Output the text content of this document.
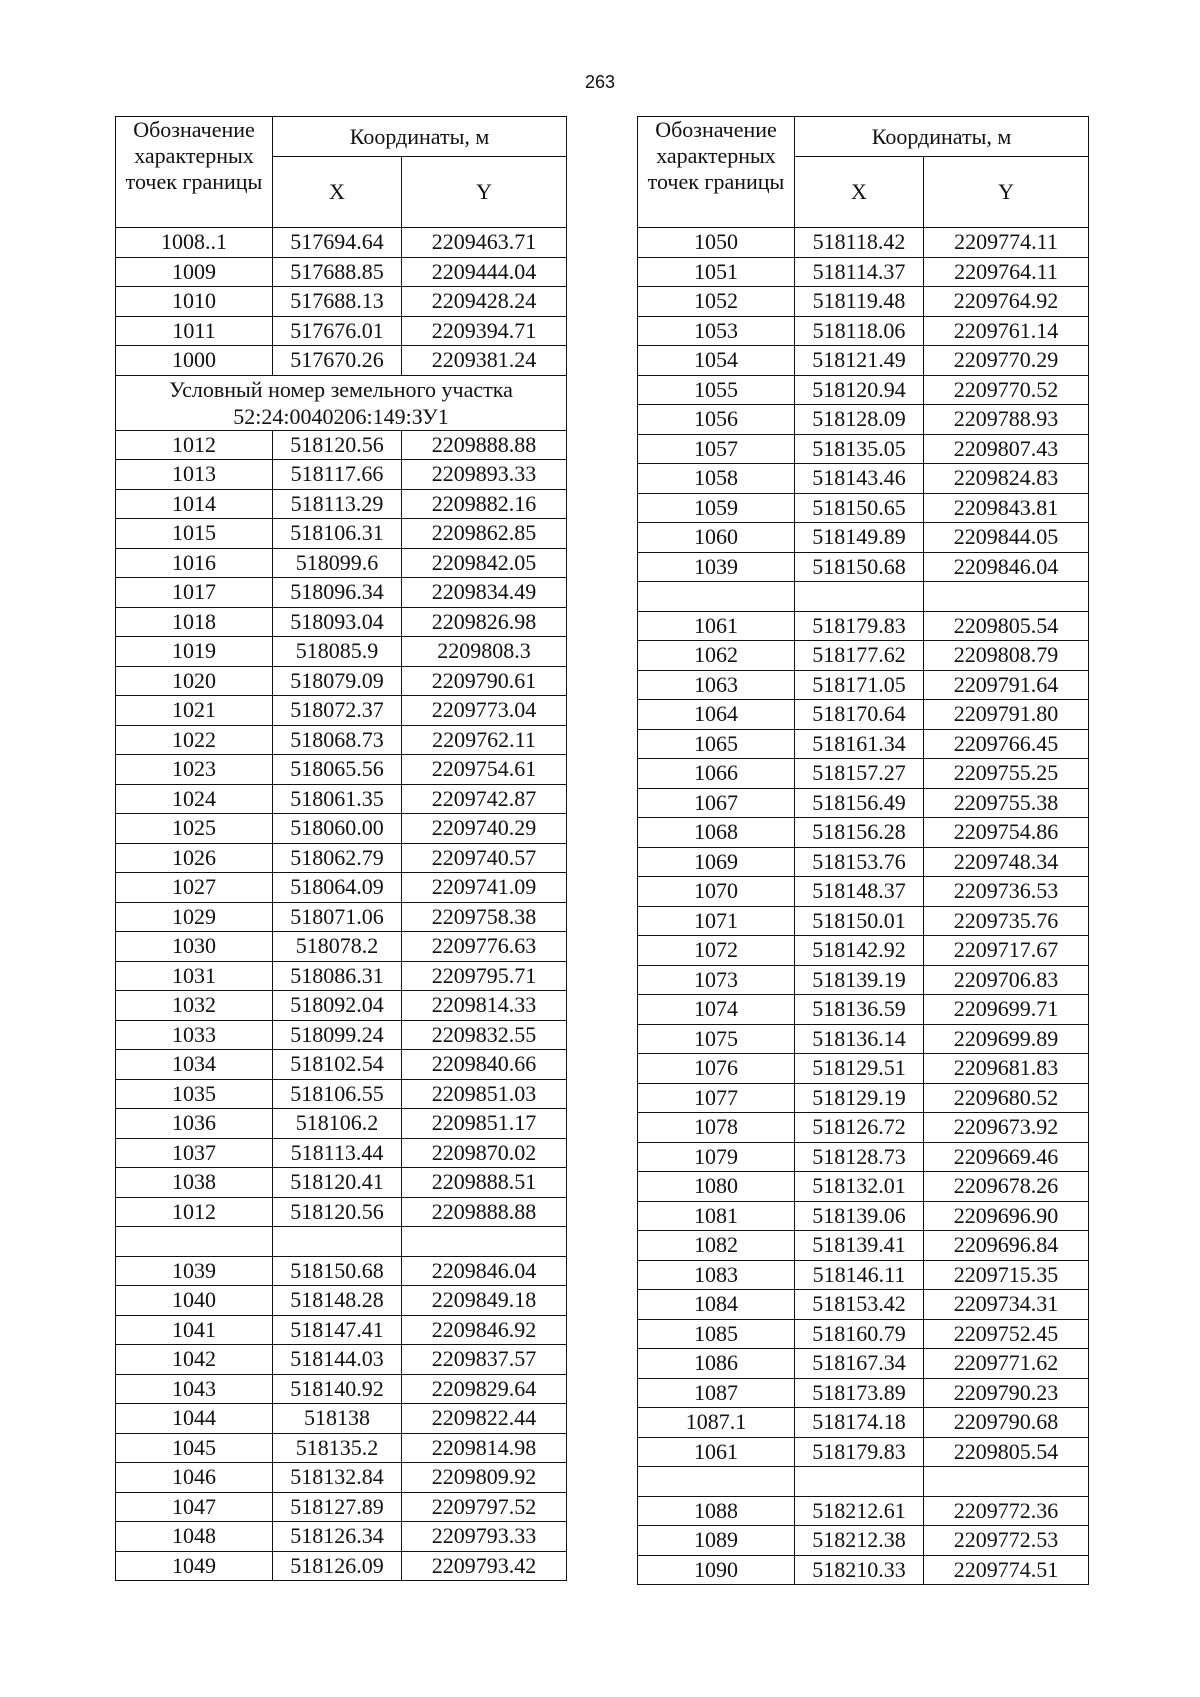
263
Обозначение характерных точек границы	Координаты, м	
	X	Y
1008..1	517694.64	2209463.71
1009	517688.85	2209444.04
1010	517688.13	2209428.24
1011	517676.01	2209394.71
1000	517670.26	2209381.24
Условный номер земельного участка 52:24:0040206:149:ЗУ1		
1012	518120.56	2209888.88
1013	518117.66	2209893.33
1014	518113.29	2209882.16
1015	518106.31	2209862.85
1016	518099.6	2209842.05
1017	518096.34	2209834.49
1018	518093.04	2209826.98
1019	518085.9	2209808.3
1020	518079.09	2209790.61
1021	518072.37	2209773.04
1022	518068.73	2209762.11
1023	518065.56	2209754.61
1024	518061.35	2209742.87
1025	518060.00	2209740.29
1026	518062.79	2209740.57
1027	518064.09	2209741.09
1029	518071.06	2209758.38
1030	518078.2	2209776.63
1031	518086.31	2209795.71
1032	518092.04	2209814.33
1033	518099.24	2209832.55
1034	518102.54	2209840.66
1035	518106.55	2209851.03
1036	518106.2	2209851.17
1037	518113.44	2209870.02
1038	518120.41	2209888.51
1012	518120.56	2209888.88

1039	518150.68	2209846.04
1040	518148.28	2209849.18
1041	518147.41	2209846.92
1042	518144.03	2209837.57
1043	518140.92	2209829.64
1044	518138	2209822.44
1045	518135.2	2209814.98
1046	518132.84	2209809.92
1047	518127.89	2209797.52
1048	518126.34	2209793.33
1049	518126.09	2209793.42
Обозначение характерных точек границы	Координаты, м	
	X	Y
1050	518118.42	2209774.11
1051	518114.37	2209764.11
1052	518119.48	2209764.92
1053	518118.06	2209761.14
1054	518121.49	2209770.29
1055	518120.94	2209770.52
1056	518128.09	2209788.93
1057	518135.05	2209807.43
1058	518143.46	2209824.83
1059	518150.65	2209843.81
1060	518149.89	2209844.05
1039	518150.68	2209846.04

1061	518179.83	2209805.54
1062	518177.62	2209808.79
1063	518171.05	2209791.64
1064	518170.64	2209791.80
1065	518161.34	2209766.45
1066	518157.27	2209755.25
1067	518156.49	2209755.38
1068	518156.28	2209754.86
1069	518153.76	2209748.34
1070	518148.37	2209736.53
1071	518150.01	2209735.76
1072	518142.92	2209717.67
1073	518139.19	2209706.83
1074	518136.59	2209699.71
1075	518136.14	2209699.89
1076	518129.51	2209681.83
1077	518129.19	2209680.52
1078	518126.72	2209673.92
1079	518128.73	2209669.46
1080	518132.01	2209678.26
1081	518139.06	2209696.90
1082	518139.41	2209696.84
1083	518146.11	2209715.35
1084	518153.42	2209734.31
1085	518160.79	2209752.45
1086	518167.34	2209771.62
1087	518173.89	2209790.23
1087.1	518174.18	2209790.68
1061	518179.83	2209805.54

1088	518212.61	2209772.36
1089	518212.38	2209772.53
1090	518210.33	2209774.51
